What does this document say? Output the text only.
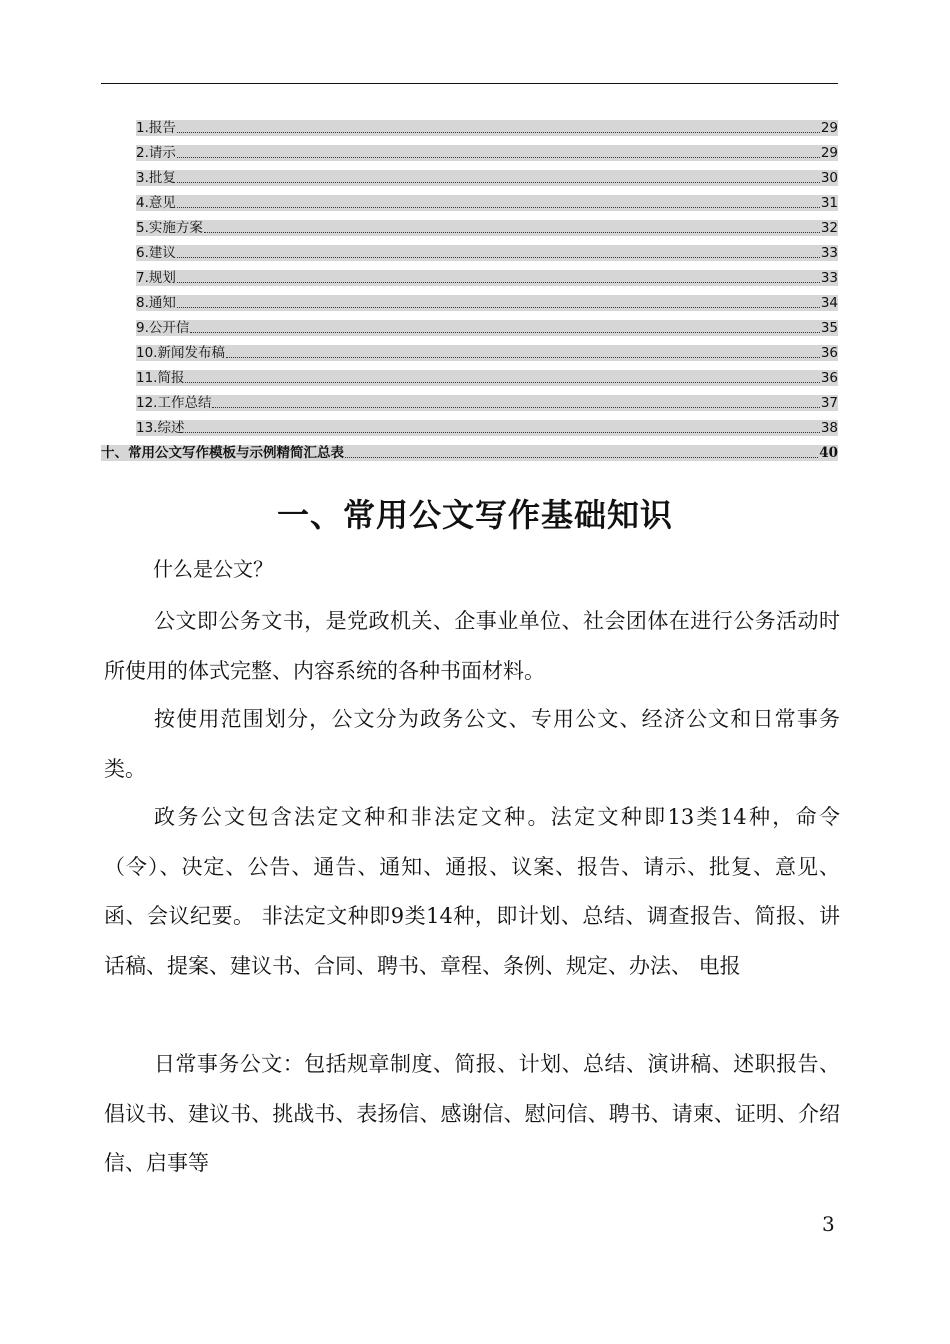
1.报告	29
2.请示	29
3.批复	30
4.意见	31
5.实施方案	32
6.建议	33
7.规划	33
8.通知	34
9.公开信	35
10.新闻发布稿	36
11.简报	36
12.工作总结	37
13.综述	38
十、常用公文写作模板与示例精简汇总表	40
一、常用公文写作基础知识
什么是公文？

公文即公务文书，是党政机关、企事业单位、社会团体在进行公务活动时所使用的体式完整、内容系统的各种书面材料。

按使用范围划分，公文分为政务公文、专用公文、经济公文和日常事务类。

政务公文包含法定文种和非法定文种。法定文种即13类14种，命令（令）、决定、公告、通告、通知、通报、议案、报告、请示、批复、意见、函、会议纪要。 非法定文种即9类14种，即计划、总结、调查报告、简报、讲话稿、提案、建议书、合同、聘书、章程、条例、规定、办法、 电报

日常事务公文：包括规章制度、简报、计划、总结、演讲稿、述职报告、倡议书、建议书、挑战书、表扬信、感谢信、慰问信、聘书、请柬、证明、介绍信、启事等

3
